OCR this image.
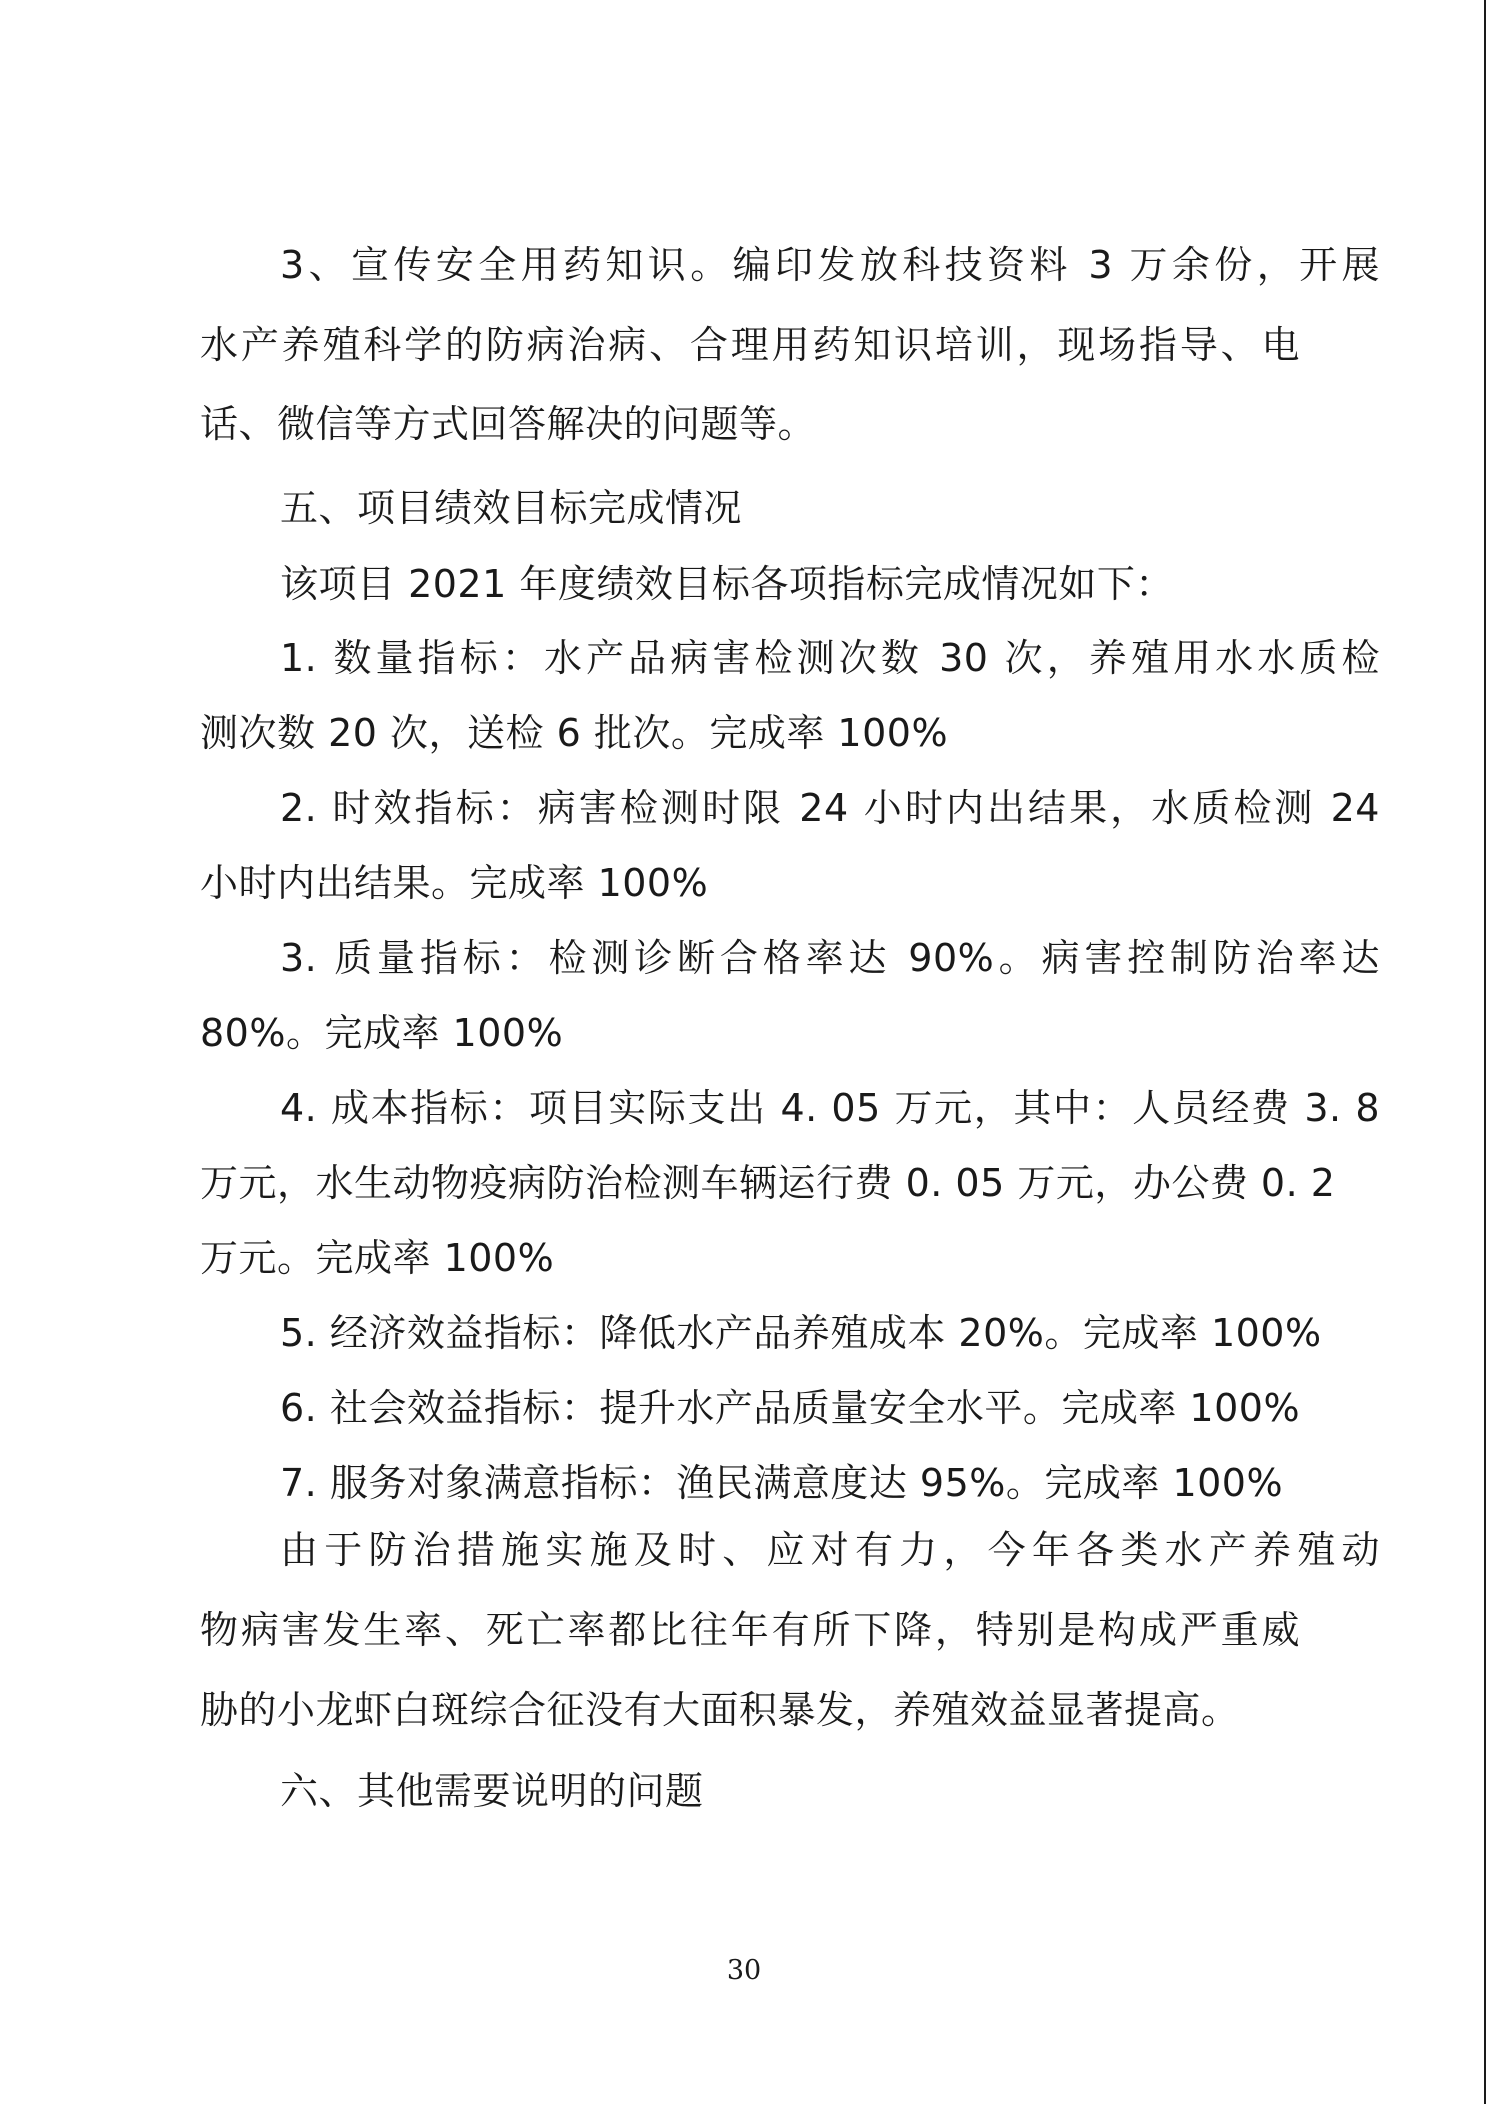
3、宣传安全用药知识。编印发放科技资料 3 万余份，开展

水产养殖科学的防病治病、合理用药知识培训，现场指导、电

话、微信等方式回答解决的问题等。

五、项目绩效目标完成情况

该项目 2021 年度绩效目标各项指标完成情况如下：

1. 数量指标：水产品病害检测次数 30 次，养殖用水水质检

测次数 20 次，送检 6 批次。完成率 100%

2. 时效指标：病害检测时限 24 小时内出结果，水质检测 24

小时内出结果。完成率 100%

3. 质量指标：检测诊断合格率达 90%。病害控制防治率达

80%。完成率 100%

4. 成本指标：项目实际支出 4. 05 万元，其中：人员经费 3. 8

万元，水生动物疫病防治检测车辆运行费 0. 05 万元，办公费 0. 2

万元。完成率 100%

5. 经济效益指标：降低水产品养殖成本 20%。完成率 100%

6. 社会效益指标：提升水产品质量安全水平。完成率 100%

7. 服务对象满意指标：渔民满意度达 95%。完成率 100%

由于防治措施实施及时、应对有力，今年各类水产养殖动

物病害发生率、死亡率都比往年有所下降，特别是构成严重威

胁的小龙虾白斑综合征没有大面积暴发，养殖效益显著提高。

六、其他需要说明的问题

30
